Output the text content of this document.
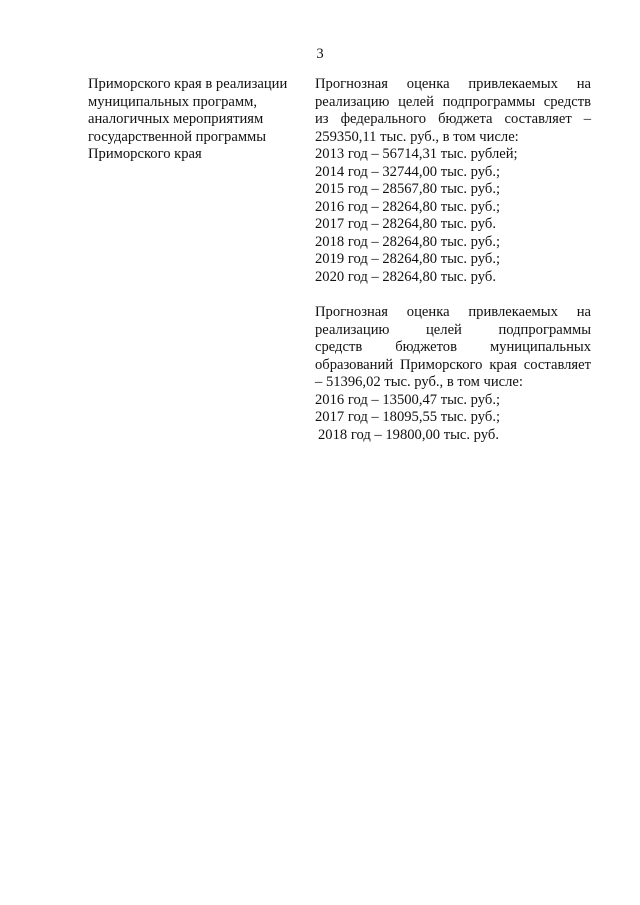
3
Приморского края в реализации
муниципальных программ,
аналогичных мероприятиям
государственной программы
Приморского края
Прогнозная оценка привлекаемых на
реализацию целей подпрограммы средств
из федерального бюджета составляет –
259350,11 тыс. руб., в том числе:
2013 год – 56714,31 тыс. рублей;
2014 год – 32744,00 тыс. руб.;
2015 год – 28567,80 тыс. руб.;
2016 год – 28264,80 тыс. руб.;
2017 год – 28264,80 тыс. руб.
2018 год – 28264,80 тыс. руб.;
2019 год – 28264,80 тыс. руб.;
2020 год – 28264,80 тыс. руб.
Прогнозная оценка привлекаемых на
реализацию целей подпрограммы
средств бюджетов муниципальных
образований Приморского края составляет
– 51396,02 тыс. руб., в том числе:
2016 год – 13500,47 тыс. руб.;
2017 год – 18095,55 тыс. руб.;
2018 год – 19800,00 тыс. руб.
